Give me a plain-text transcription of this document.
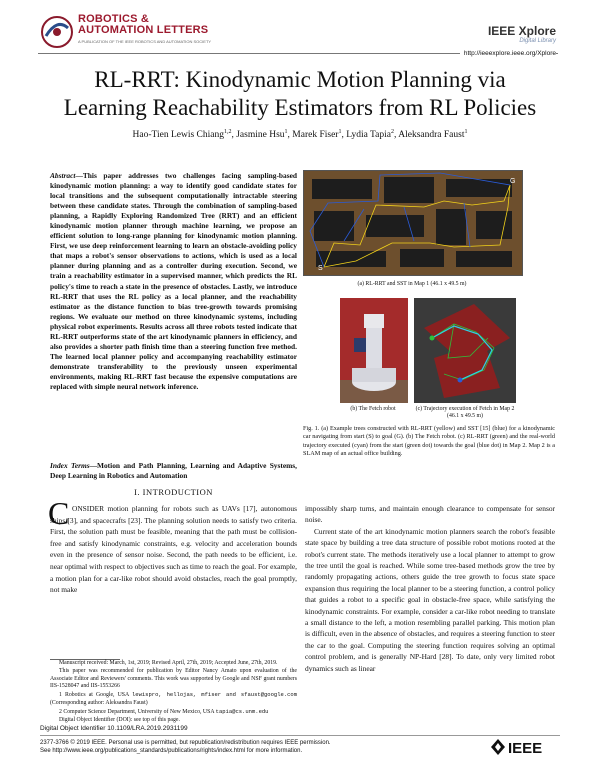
ROBOTICS &
AUTOMATION LETTERS
A PUBLICATION OF THE IEEE ROBOTICS AND AUTOMATION SOCIETY
IEEE Xplore
Digital Library
http://ieeexplore.ieee.org/Xplore
RL-RRT: Kinodynamic Motion Planning via
Learning Reachability Estimators from RL Policies
Hao-Tien Lewis Chiang$^{1,2}$, Jasmine Hsu$^1$, Marek Fiser$^1$, Lydia Tapia$^2$, Aleksandra Faust$^1$
Abstract—This paper addresses two challenges facing sampling-based kinodynamic motion planning: a way to identify good candidate states for local transitions and the subsequent computationally intractable steering between these candidate states. Through the combination of sampling-based planning, a Rapidly Exploring Randomized Tree (RRT) and an efficient kinodynamic motion planner through machine learning, we propose an efficient solution to long-range planning for kinodynamic motion planning. First, we use deep reinforcement learning to learn an obstacle-avoiding policy that maps a robot's sensor observations to actions, which is used as a local planner during planning and as a controller during execution. Second, we train a reachability estimator in a supervised manner, which predicts the RL policy's time to reach a state in the presence of obstacles. Lastly, we introduce RL-RRT that uses the RL policy as a local planner, and the reachability estimator as the distance function to bias tree-growth towards promising regions. We evaluate our method on three kinodynamic systems, including physical robot experiments. Results across all three robots tested indicate that RL-RRT outperforms state of the art kinodynamic planners in efficiency, and also provides a shorter path finish time than a steering function free method. The learned local planner policy and accompanying reachability estimator demonstrate transferability to the previously unseen experimental environments, making RL-RRT fast because the expensive computations are replaced with simple neural network inference.
Index Terms—Motion and Path Planning, Learning and Adaptive Systems, Deep Learning in Robotics and Automation
I. INTRODUCTION
C ONSIDER motion planning for robots such as UAVs [17], autonomous ships [3], and spacecrafts [23]. The planning solution needs to satisfy two criteria. First, the solution path must be feasible, meaning that the path must be collision-free and satisfy kinodynamic constraints, e.g. velocity and acceleration bounds even in the presence of sensor noise. Second, the path needs to be efficient, i.e. near optimal with respect to objectives such as time to reach the goal. For example, a motion plan for a car-like robot should avoid obstacles, reach the goal promptly, not make

impossibly sharp turns, and maintain enough clearance to compensate for sensor noise.

Current state of the art kinodynamic motion planners search the robot's feasible state space by building a tree data structure of possible robot motions rooted at the robot's current state. The methods iteratively use a local planner to attempt to grow the tree until the goal is reached. While some tree-based methods grow the tree by randomly propagating actions, others guide the tree growth to focus state space expansion thus requiring the local planner to be a steering function, a control policy that guides a robot to a specific goal in obstacle-free space, while satisfying the kinodynamic constraints. For example, consider a car-like robot needing to translate a small distance to the left, a motion resembling parallel parking. This motion plan is difficult, even in the absence of obstacles, and requires a steering function to steer the car to the goal. Computing the steering function requires solving an optimal control problem, and is generally NP-Hard [28]. To date, only very limited robot dynamics such as linear

Manuscript received: March, 1st, 2019; Revised April, 27th, 2019; Accepted June, 27th, 2019.

This paper was recommended for publication by Editor Nancy Amato upon evaluation of the Associate Editor and Reviewers' comments. This work was supported by Google and NSF grant numbers IIS-1528047 and IIS-1553266

1 Robotics at Google, USA lewispro, hellojas, mfiser and sfaust@google.com (Corresponding author: Aleksandra Faust)

2 Computer Science Department, University of New Mexico, USA tapia@cs.unm.edu

Digital Object Identifier (DOI): see top of this page.

S
G
(a) RL-RRT and SST in Map 1 (46.1 x 49.5 m)
(b) The Fetch robot	(c) Trajectory execution of Fetch in Map 2 (46.1 x 49.5 m)
Fig. 1. (a) Example trees constructed with RL-RRT (yellow) and SST [15] (blue) for a kinodynamic car navigating from start (S) to goal (G). (b) The Fetch robot. (c) RL-RRT (green) and the real-world trajectory executed (cyan) from the start (green dot) towards the goal (blue dot) in Map 2. Map 2 is a SLAM map of an actual office building.
Digital Object Identifier 10.1109/LRA.2019.2931199
2377-3766 © 2019 IEEE. Personal use is permitted, but republication/redistribution requires IEEE permission.
See http://www.ieee.org/publications_standards/publications/rights/index.html for more information.	IEEE
